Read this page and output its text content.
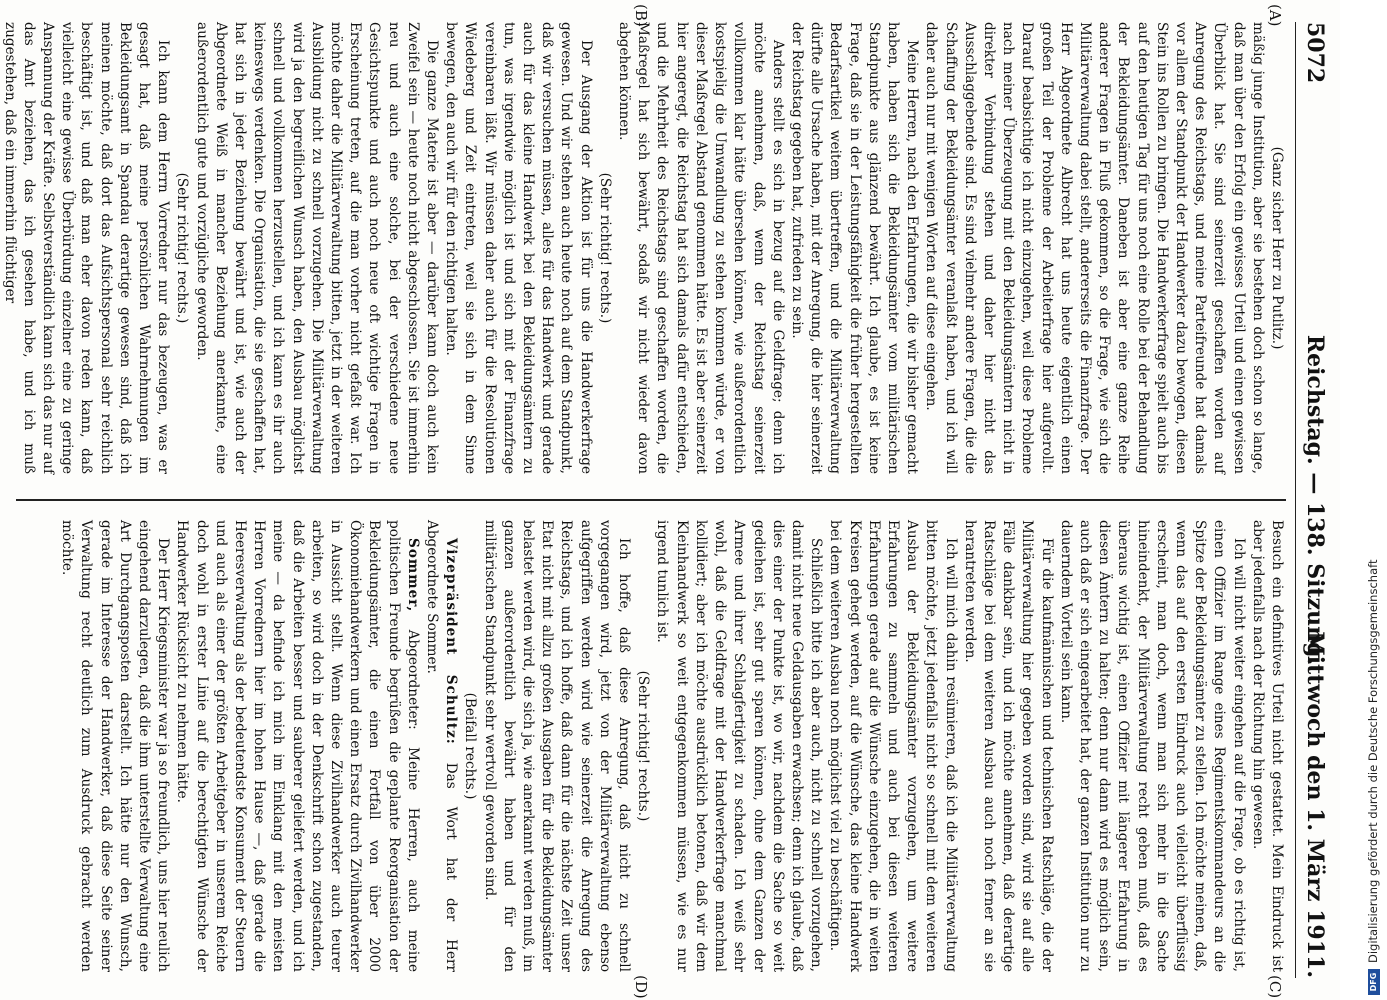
5072
Reichstag. — 138. Sitzung.
Mittwoch den 1. März 1911.
(A)
(B)
(C)
(D)

(Ganz sicher Herr zu Putlitz.)

mäßig junge Institution, aber sie bestehen doch schon so lange, daß man über den Erfolg ein gewisses Urteil und einen gewissen Überblick hat. Sie sind seinerzeit geschaffen worden auf Anregung des Reichstags, und meine Parteifreunde hat damals vor allem der Standpunkt der Handwerker dazu bewogen, diesen Stein ins Rollen zu bringen. Die Handwerkerfrage spielt auch bis auf den heutigen Tag für uns noch eine Rolle bei der Behandlung der Bekleidungsämter. Daneben ist aber eine ganze Reihe anderer Fragen in Fluß gekommen, so die Frage, wie sich die Militärverwaltung dabei stellt, andererseits die Finanzfrage. Der Herr Abgeordnete Albrecht hat uns heute eigentlich einen großen Teil der Probleme der Arbeiterfrage hier aufgerollt. Darauf beabsichtige ich nicht einzugehen, weil diese Probleme nach meiner Überzeugung mit den Bekleidungsämtern nicht in direkter Verbindung stehen und daher hier nicht das Ausschlaggebende sind. Es sind vielmehr andere Fragen, die die Schaffung der Bekleidungsämter veranlaßt haben, und ich will daher auch nur mit wenigen Worten auf diese eingehen.

Meine Herren, nach den Erfahrungen, die wir bisher gemacht haben, haben sich die Bekleidungsämter vom militärischen Standpunkte aus glänzend bewährt. Ich glaube, es ist keine Frage, daß sie in der Leistungsfähigkeit die früher hergestellten Bedarfsartikel weitem übertreffen, und die Militärverwaltung dürfte alle Ursache haben, mit der Anregung, die hier seinerzeit der Reichstag gegeben hat, zufrieden zu sein.

Anders stellt es sich in bezug auf die Geldfrage; denn ich möchte annehmen, daß, wenn der Reichstag seinerzeit vollkommen klar hätte übersehen können, wie außerordentlich kostspielig die Umwandlung zu stehen kommen würde, er von dieser Maßregel Abstand genommen hätte. Es ist aber seinerzeit hier angeregt, die Reichstag hat sich damals dafür entschieden, und die Mehrheit des Reichstags sind geschaffen worden, die Maßregel hat sich bewährt, sodaß wir nicht wieder davon abgehen können.

(Sehr richtig! rechts.)

Der Ausgang der Aktion ist für uns die Handwerkerfrage gewesen. Und wir stehen auch heute noch auf dem Standpunkt, daß wir versuchen müssen, alles für das Handwerk und gerade auch für das kleine Handwerk bei den Bekleidungsämtern zu tun, was irgendwie möglich ist und sich mit der Finanzfrage vereinbaren läßt. Wir müssen daher auch für die Resolutionen Wiedeberg und Zeit eintreten, weil sie sich in dem Sinne bewegen, den auch wir für den richtigen halten.

Die ganze Materie ist aber — darüber kann doch auch kein Zweifel sein — heute noch nicht abgeschlossen. Sie ist immerhin neu und auch eine solche, bei der verschiedene neue Gesichtspunkte und auch noch neue oft wichtige Fragen in Erscheinung treten, auf die man vorher nicht gefaßt war. Ich möchte daher die Militärverwaltung bitten, jetzt in der weiteren Ausbildung nicht zu schnell vorzugehen. Die Militärverwaltung wird ja den begreiflichen Wunsch haben, den Ausbau möglichst schnell und vollkommen herzustellen, und ich kann es ihr auch keineswegs verdenken. Die Organisation, die sie geschaffen hat, hat sich in jeder Beziehung bewährt und ist, wie auch der Abgeordnete Weiß in mancher Beziehung anerkannte, eine außerordentlich gute und vorzügliche geworden.

(Sehr richtig! rechts.)

Ich kann dem Herrn Vorredner nur das bezeugen, was er gesagt hat, daß meine persönlichen Wahrnehmungen im Bekleidungsamt in Spandau derartige gewesen sind, daß ich meinen möchte, daß dort das Aufsichtspersonal sehr reichlich beschäftigt ist, und daß man eher davon reden kann, daß vielleicht eine gewisse Überbürdung einzelner eine zu geringe Anspannung der Kräfte. Selbstverständlich kann sich das nur auf das Amt beziehen, das ich gesehen habe, und ich muß zugestehen, daß ein immerhin flüchtiger

Besuch ein definitives Urteil nicht gestattet. Mein Eindruck ist aber jedenfalls nach der Richtung hin gewesen.

Ich will nicht weiter eingehen auf die Frage, ob es richtig ist, einen Offizier im Range eines Regimentskommandeurs an die Spitze der Bekleidungsämter zu stellen. Ich möchte meinen, daß, wenn das auf den ersten Eindruck auch vielleicht überflüssig erscheint, man doch, wenn man sich mehr in die Sache hineindenkt, der Militärverwaltung recht geben muß, daß es überaus wichtig ist, einen Offizier mit längerer Erfahrung in diesen Ämtern zu halten; denn nur dann wird es möglich sein, auch daß er sich eingearbeitet hat, der ganzen Institution nur zu dauerndem Vorteil sein kann.

Für die kaufmännischen und technischen Ratschläge, die der Militärverwaltung hier gegeben worden sind, wird sie auf alle Fälle dankbar sein, und ich möchte annehmen, daß derartige Ratschläge bei dem weiteren Ausbau auch noch ferner an sie herantreten werden.

Ich will mich dahin resümieren, daß ich die Militärverwaltung bitten möchte, jetzt jedenfalls nicht so schnell mit dem weiteren Ausbau der Bekleidungsämter vorzugehen, um weitere Erfahrungen zu sammeln und auch bei diesen weiteren Erfahrungen gerade auf die Wünsche einzugehen, die in weiten Kreisen gehegt werden, auf die Wünsche, das kleine Handwerk bei dem weiteren Ausbau noch möglichst viel zu beschäftigen.

Schließlich bitte ich aber auch, nicht zu schnell vorzugehen, damit nicht neue Geldausgaben erwachsen; denn ich glaube, daß dies einer der Punkte ist, wo wir, nachdem die Sache so weit gediehen ist, sehr gut sparen können, ohne dem Ganzen der Armee und ihrer Schlagfertigkeit zu schaden. Ich weiß sehr wohl, daß die Geldfrage mit der Handwerkerfrage manchmal kollidiert; aber ich möchte ausdrücklich betonen, daß wir dem Kleinhandwerk so weit entgegenkommen müssen, wie es nur irgend tunlich ist.

(Sehr richtig! rechts.)

Ich hoffe, daß diese Anregung, daß nicht zu schnell vorgegangen wird, jetzt von der Militärverwaltung ebenso aufgegriffen werden wird wie seinerzeit die Anregung des Reichstags, und ich hoffe, daß dann für die nächste Zeit unser Etat nicht mit allzu großen Ausgaben für die Bekleidungsämter belastet werden wird, die sich ja, wie anerkannt werden muß, im ganzen außerordentlich bewährt haben und für den militärischen Standpunkt sehr wertvoll geworden sind.

(Beifall rechts.)

Vizepräsident Schultz: Das Wort hat der Herr Abgeordnete Sommer.

Sommer, Abgeordneter: Meine Herren, auch meine politischen Freunde begrüßen die geplante Reorganisation der Bekleidungsämter, die einen Fortfall von über 2000 Ökonomiehandwerkern und einen Ersatz durch Zivilhandwerker in Aussicht stellt. Wenn diese Zivilhandwerker auch teurer arbeiten, so wird doch in der Denkschrift schon zugestanden, daß die Arbeiten besser und sauberer geliefert werden, und ich meine — da befinde ich mich im Einklang mit den meisten Herren Vorrednern hier im hohen Hause —, daß gerade die Heeresverwaltung als der bedeutendste Konsument der Steuern und auch als einer der größten Arbeitgeber in unserem Reiche doch wohl in erster Linie auf die berechtigten Wünsche der Handwerker Rücksicht zu nehmen hätte.

Der Herr Kriegsminister war ja so freundlich, uns hier neulich eingehend darzulegen, daß die ihm unterstellte Verwaltung eine Art Durchgangsposten darstellt. Ich hätte nur den Wunsch, gerade im Interesse der Handwerker, daß diese Seite seiner Verwaltung recht deutlich zum Ausdruck gebracht werden möchte.

DFGDigitalisierung gefördert durch die Deutsche Forschungsgemeinschaft
